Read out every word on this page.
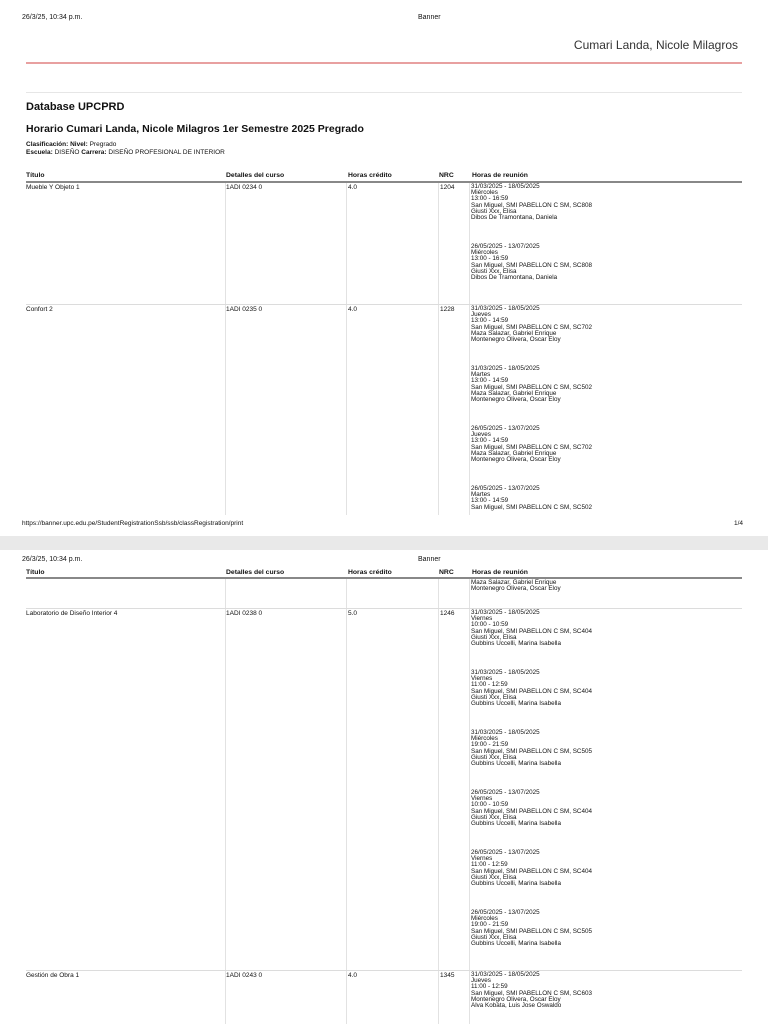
26/3/25, 10:34 p.m.	Banner
Cumari Landa, Nicole Milagros
Database UPCPRD
Horario Cumari Landa, Nicole Milagros 1er Semestre 2025 Pregrado
Clasificación: Nivel: Pregrado
Escuela: DISEÑO Carrera: DISEÑO PROFESIONAL DE INTERIOR
Título	Detalles del curso	Horas crédito	NRC	Horas de reunión
Mueble Y Objeto 1	1ADI 0234 0	4.0	1204	31/03/2025 - 18/05/2025
Miércoles
13:00 - 16:59
San Miguel, SMI PABELLON C SM, SC808
Giusti Xxx, Elisa
Dibos De Tramontana, Daniela
26/05/2025 - 13/07/2025
Miércoles
13:00 - 16:59
San Miguel, SMI PABELLON C SM, SC808
Giusti Xxx, Elisa
Dibos De Tramontana, Daniela
Confort 2	1ADI 0235 0	4.0	1228	31/03/2025 - 18/05/2025
Jueves
13:00 - 14:59
San Miguel, SMI PABELLON C SM, SC702
Maza Salazar, Gabriel Enrique
Montenegro Olivera, Oscar Eloy
31/03/2025 - 18/05/2025
Martes
13:00 - 14:59
San Miguel, SMI PABELLON C SM, SC502
Maza Salazar, Gabriel Enrique
Montenegro Olivera, Oscar Eloy
26/05/2025 - 13/07/2025
Jueves
13:00 - 14:59
San Miguel, SMI PABELLON C SM, SC702
Maza Salazar, Gabriel Enrique
Montenegro Olivera, Oscar Eloy
26/05/2025 - 13/07/2025
Martes
13:00 - 14:59
San Miguel, SMI PABELLON C SM, SC502
https://banner.upc.edu.pe/StudentRegistrationSsb/ssb/classRegistration/print	1/4
26/3/25, 10:34 p.m.	Banner
Título	Detalles del curso	Horas crédito	NRC	Horas de reunión
Maza Salazar, Gabriel Enrique
Montenegro Olivera, Oscar Eloy
Laboratorio de Diseño Interior 4	1ADI 0238 0	5.0	1246	31/03/2025 - 18/05/2025
Viernes
10:00 - 10:59
San Miguel, SMI PABELLON C SM, SC404
Giusti Xxx, Elisa
Gubbins Uccelli, Marina Isabella
31/03/2025 - 18/05/2025
Viernes
11:00 - 12:59
San Miguel, SMI PABELLON C SM, SC404
Giusti Xxx, Elisa
Gubbins Uccelli, Marina Isabella
31/03/2025 - 18/05/2025
Miércoles
19:00 - 21:59
San Miguel, SMI PABELLON C SM, SC505
Giusti Xxx, Elisa
Gubbins Uccelli, Marina Isabella
26/05/2025 - 13/07/2025
Viernes
10:00 - 10:59
San Miguel, SMI PABELLON C SM, SC404
Giusti Xxx, Elisa
Gubbins Uccelli, Marina Isabella
26/05/2025 - 13/07/2025
Viernes
11:00 - 12:59
San Miguel, SMI PABELLON C SM, SC404
Giusti Xxx, Elisa
Gubbins Uccelli, Marina Isabella
26/05/2025 - 13/07/2025
Miércoles
19:00 - 21:59
San Miguel, SMI PABELLON C SM, SC505
Giusti Xxx, Elisa
Gubbins Uccelli, Marina Isabella
Gestión de Obra 1	1ADI 0243 0	4.0	1345	31/03/2025 - 18/05/2025
Jueves
11:00 - 12:59
San Miguel, SMI PABELLON C SM, SC603
Montenegro Olivera, Oscar Eloy
Alva Kobata, Luis Jose Oswaldo
